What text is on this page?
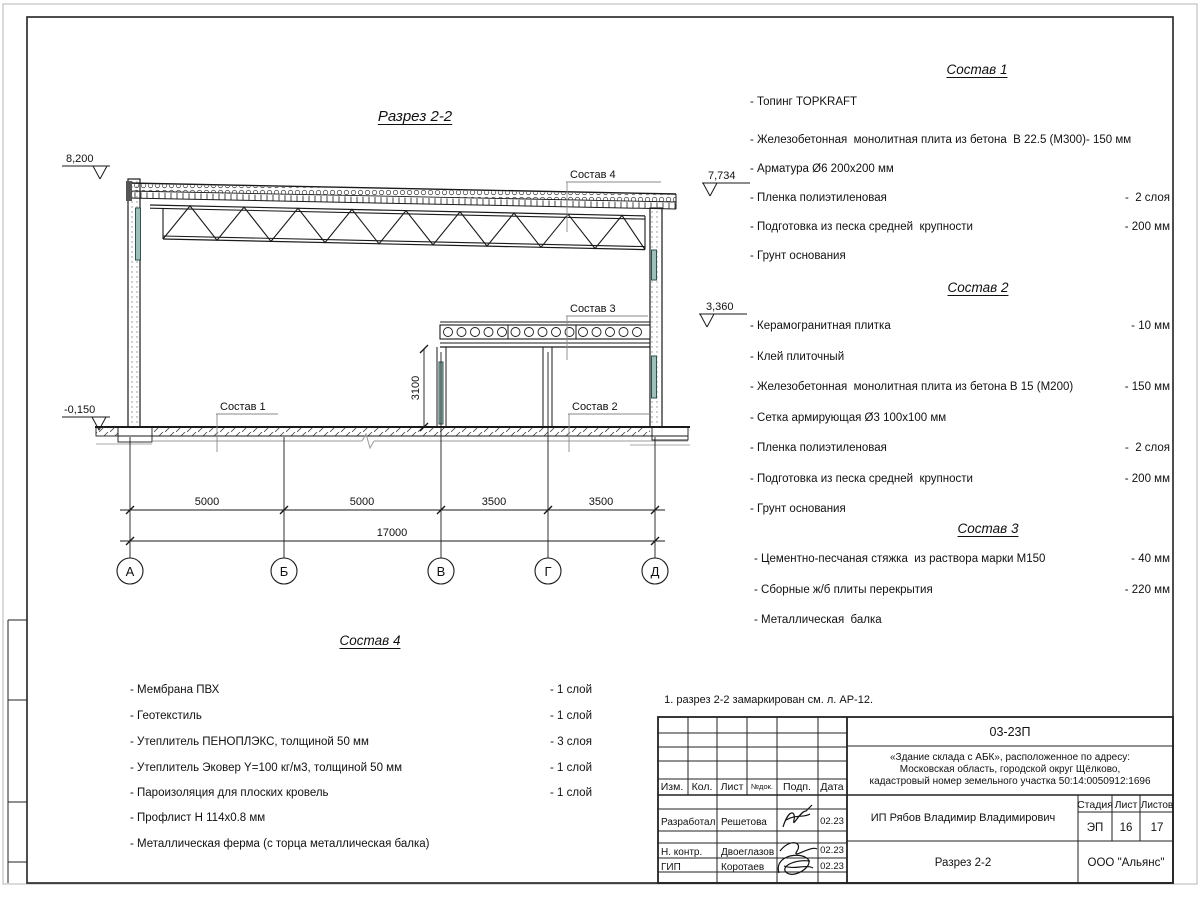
8,200
7,734
3,360
-0,150
Состав 4
Состав 3
Состав 2
Состав 1
3100
5000	5000	3500	3500
17000
А	Б	В	Г	Д
03-23П
«Здание склада с АБК», расположенное по адресу:
Московская область, городской округ Щёлково,
кадастровый номер земельного участка 50:14:0050912:1696
ИП Рябов Владимир Владимирович
Стадия Лист Листов
ЭП 16 17
Разрез 2-2	ООО "Альянс"
Изм. Кол. Лист №док. Подп. Дата
Разработал Решетова	02.23
Н. контр. Двоеглазов	02.23
ГИП	Коротаев	02.23
Разрез 2-2
Состав 1
- Топинг TOPKRAFT
- Железобетонная  монолитная плита из бетона  В 22.5 (М300)- 150 мм
- Арматура Ø6 200х200 мм
- Пленка полиэтиленовая	-  2 слоя
- Подготовка из песка средней  крупности	- 200 мм
- Грунт основания
Состав 2
- Керамогранитная плитка	- 10 мм
- Клей плиточный
- Железобетонная  монолитная плита из бетона В 15 (М200)	- 150 мм
- Сетка армирующая Ø3 100х100 мм
- Пленка полиэтиленовая	-  2 слоя
- Подготовка из песка средней  крупности	- 200 мм
- Грунт основания
Состав 3
- Цементно-песчаная стяжка  из раствора марки М150	- 40 мм
- Сборные ж/б плиты перекрытия	- 220 мм
- Металлическая  балка
Состав 4
- Мембрана ПВХ	- 1 слой
- Геотекстиль	- 1 слой
- Утеплитель ПЕНОПЛЭКС, толщиной 50 мм	- 3 слоя
- Утеплитель Эковер Y=100 кг/м3, толщиной 50 мм	- 1 слой
- Пароизоляция для плоских кровель	- 1 слой
- Профлист Н 114х0.8 мм
- Металлическая ферма (с торца металлическая балка)

1. разрез 2-2 замаркирован см. л. АР-12.
